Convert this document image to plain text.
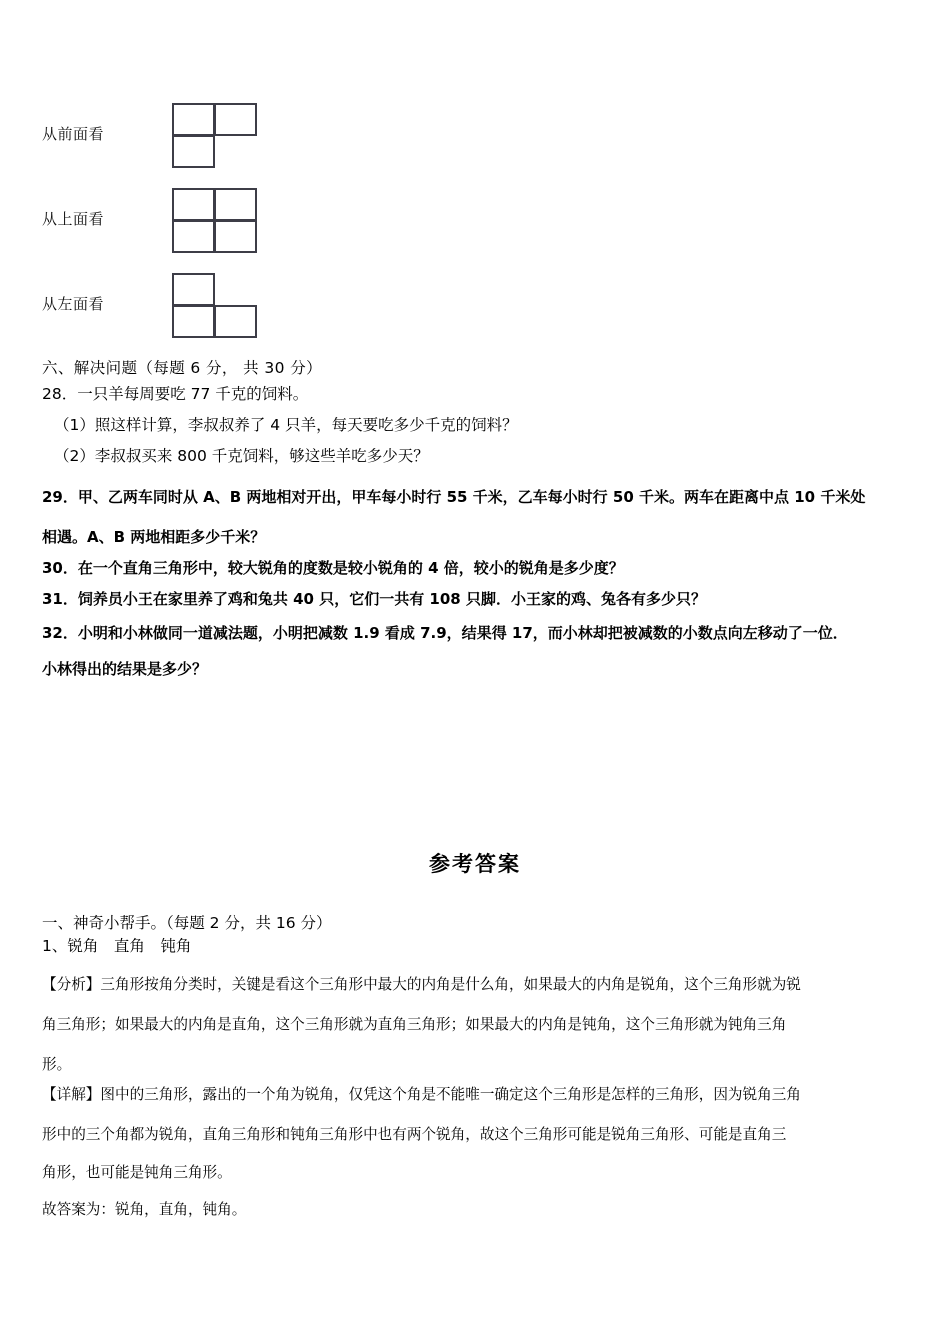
从前面看
从上面看
从左面看
六、解决问题（每题 6 分， 共 30 分）
28．一只羊每周要吃 77 千克的饲料。
（1）照这样计算，李叔叔养了 4 只羊，每天要吃多少千克的饲料？
（2）李叔叔买来 800 千克饲料，够这些羊吃多少天？
29．甲、乙两车同时从 A、B 两地相对开出，甲车每小时行 55 千米，乙车每小时行 50 千米。两车在距离中点 10 千米处
相遇。A、B 两地相距多少千米？
30．在一个直角三角形中，较大锐角的度数是较小锐角的 4 倍，较小的锐角是多少度？
31．饲养员小王在家里养了鸡和兔共 40 只，它们一共有 108 只脚．小王家的鸡、兔各有多少只？
32．小明和小林做同一道减法题，小明把减数 1.9 看成 7.9，结果得 17，而小林却把被减数的小数点向左移动了一位．
小林得出的结果是多少？
参考答案
一、神奇小帮手。（每题 2 分，共 16 分）
1、锐角　直角　钝角
【分析】三角形按角分类时，关键是看这个三角形中最大的内角是什么角，如果最大的内角是锐角，这个三角形就为锐
角三角形；如果最大的内角是直角，这个三角形就为直角三角形；如果最大的内角是钝角，这个三角形就为钝角三角
形。
【详解】图中的三角形，露出的一个角为锐角，仅凭这个角是不能唯一确定这个三角形是怎样的三角形，因为锐角三角
形中的三个角都为锐角，直角三角形和钝角三角形中也有两个锐角，故这个三角形可能是锐角三角形、可能是直角三
角形，也可能是钝角三角形。
故答案为：锐角，直角，钝角。
